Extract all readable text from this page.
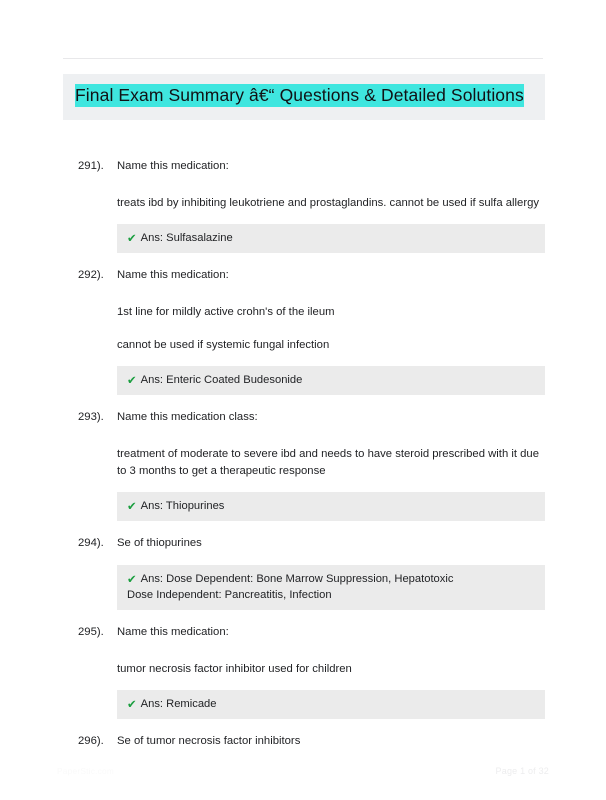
Final Exam Summary â€“ Questions & Detailed Solutions
291).	Name this medication:

treats ibd by inhibiting leukotriene and prostaglandins. cannot be used if sulfa allergy

✔ Ans: Sulfasalazine
292).	Name this medication:

1st line for mildly active crohn's of the ileum

cannot be used if systemic fungal infection

✔ Ans: Enteric Coated Budesonide
293).	Name this medication class:

treatment of moderate to severe ibd and needs to have steroid prescribed with it due to 3 months to get a therapeutic response

✔ Ans: Thiopurines
294).	Se of thiopurines

✔ Ans: Dose Dependent: Bone Marrow Suppression, Hepatotoxic
Dose Independent: Pancreatitis, Infection
295).	Name this medication:

tumor necrosis factor inhibitor used for children

✔ Ans: Remicade
296).	Se of tumor necrosis factor inhibitors

PaperStic.com	Page 1 of 32
